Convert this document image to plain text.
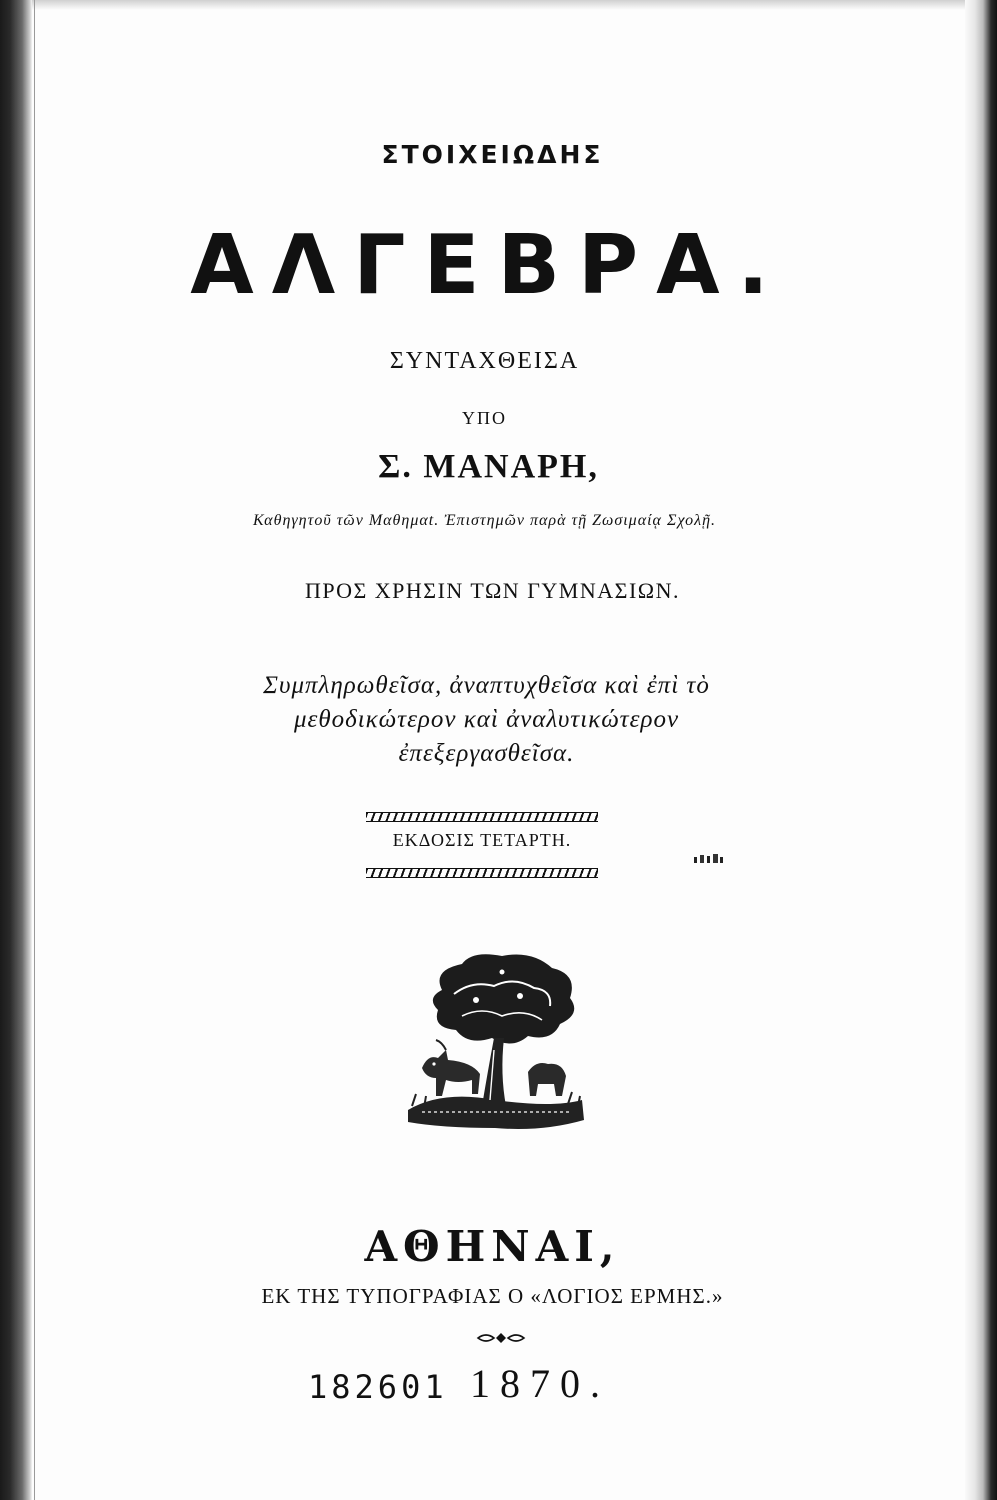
ΣΤΟΙΧΕΙΩΔΗΣ
ΑΛΓΕΒΡΑ.
ΣΥΝΤΑΧΘΕΙΣΑ
ΥΠΟ
Σ. ΜΑΝΑΡΗ,
Καθηγητοῦ τῶν Μαθημαt. Ἐπιστημῶν παρὰ τῇ Ζωσιμαίᾳ Σχολῇ.
ΠΡΟΣ ΧΡΗΣΙΝ ΤΩΝ ΓΥΜΝΑΣΙΩΝ.
Συμπληρωθεῖσα, ἀναπτυχθεῖσα καὶ ἐπὶ τὸ
μεθοδικώτερον καὶ ἀναλυτικώτερον
ἐπεξεργασθεῖσα.
ΕΚΔΟΣΙΣ ΤΕΤΑΡΤΗ.
ΑΘΗΝΑΙ,
ΕΚ ΤΗΣ ΤΥΠΟΓΡΑΦΙΑΣ Ο «ΛΟΓΙΟΣ ΕΡΜΗΣ.»
182601 1870.
